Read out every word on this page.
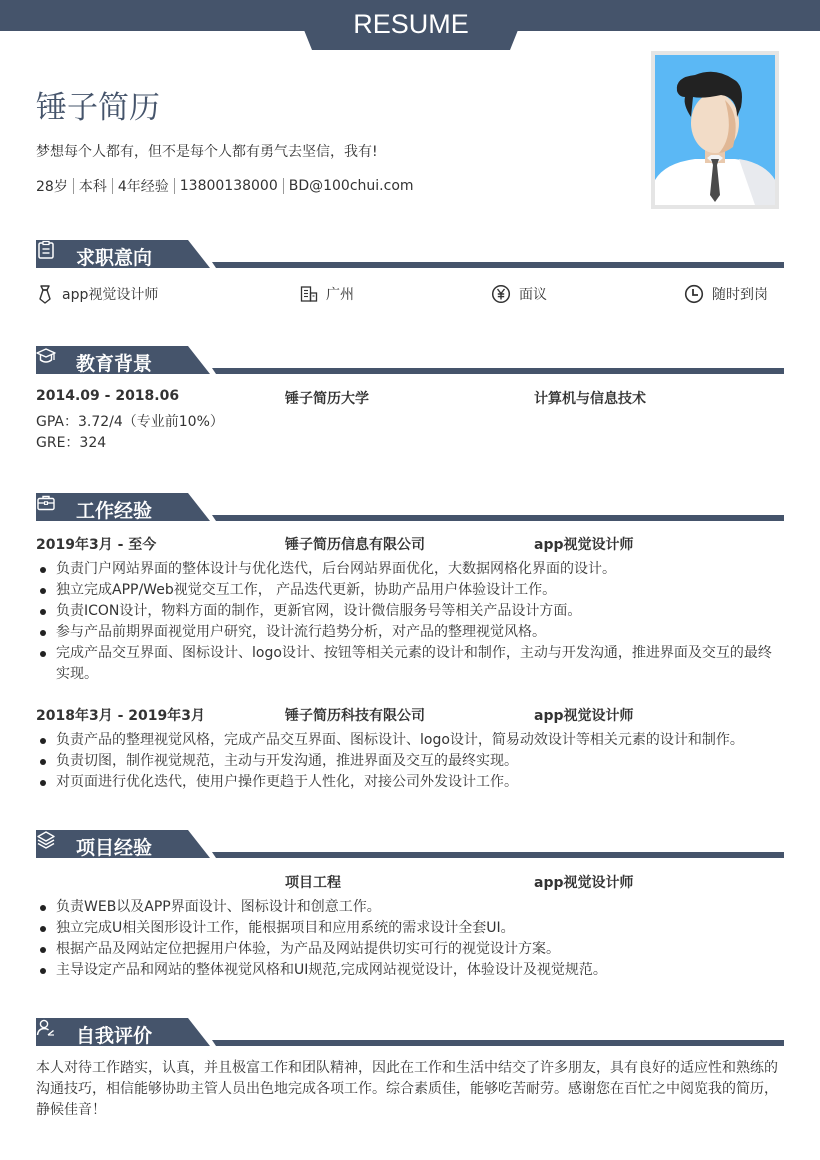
RESUME
锤子简历
梦想每个人都有，但不是每个人都有勇气去坚信，我有!
28岁 本科 4年经验 13800138000 BD@100chui.com
求职意向
app视觉设计师	广州	面议	随时到岗
教育背景
2014.09 - 2018.06	锤子简历大学	计算机与信息技术
GPA：3.72/4（专业前10%）
GRE：324
工作经验
2019年3月 - 至今	锤子简历信息有限公司	app视觉设计师
负责门户网站界面的整体设计与优化迭代，后台网站界面优化，大数据网格化界面的设计。
独立完成APP/Web视觉交互工作， 产品迭代更新，协助产品用户体验设计工作。
负责ICON设计，物料方面的制作，更新官网，设计微信服务号等相关产品设计方面。
参与产品前期界面视觉用户研究，设计流行趋势分析，对产品的整理视觉风格。
完成产品交互界面、图标设计、logo设计、按钮等相关元素的设计和制作，主动与开发沟通，推进界面及交互的最终实现。
2018年3月 - 2019年3月	锤子简历科技有限公司	app视觉设计师
负责产品的整理视觉风格，完成产品交互界面、图标设计、logo设计，简易动效设计等相关元素的设计和制作。
负责切图，制作视觉规范，主动与开发沟通，推进界面及交互的最终实现。
对页面进行优化迭代，使用户操作更趋于人性化，对接公司外发设计工作。
项目经验
项目工程	app视觉设计师
负责WEB以及APP界面设计、图标设计和创意工作。
独立完成U相关图形设计工作，能根据项目和应用系统的需求设计全套UI。
根据产品及网站定位把握用户体验，为产品及网站提供切实可行的视觉设计方案。
主导设定产品和网站的整体视觉风格和UI规范,完成网站视觉设计，体验设计及视觉规范。
自我评价
本人对待工作踏实，认真，并且极富工作和团队精神，因此在工作和生活中结交了许多朋友，具有良好的适应性和熟练的沟通技巧，相信能够协助主管人员出色地完成各项工作。综合素质佳，能够吃苦耐劳。感谢您在百忙之中阅览我的简历，静候佳音！
